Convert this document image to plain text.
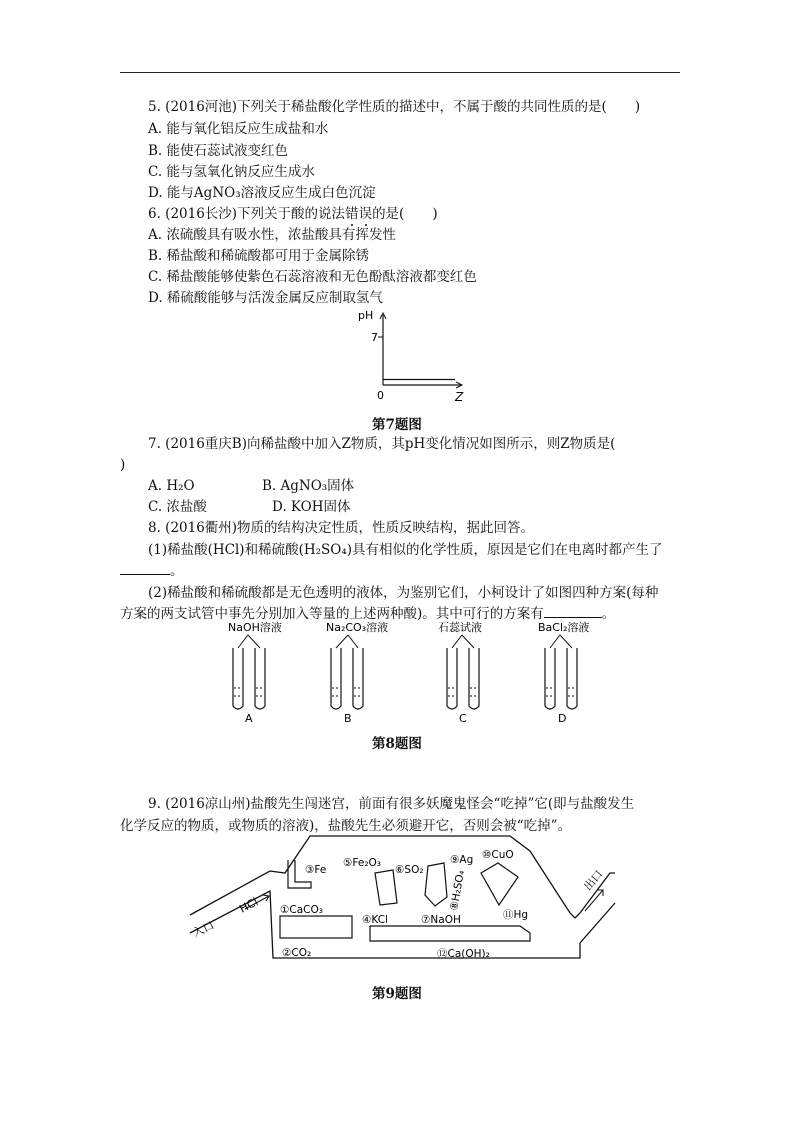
5. (2016河池)下列关于稀盐酸化学性质的描述中，不属于酸的共同性质的是( )
A. 能与氧化铝反应生成盐和水
B. 能使石蕊试液变红色
C. 能与氢氧化钠反应生成水
D. 能与AgNO₃溶液反应生成白色沉淀
6. (2016长沙)下列关于酸的说法错误的是( )
A. 浓硫酸具有吸水性，浓盐酸具有挥发性
B. 稀盐酸和稀硫酸都可用于金属除锈
C. 稀盐酸能够使紫色石蕊溶液和无色酚酞溶液都变红色
D. 稀硫酸能够与活泼金属反应制取氢气
pH
7
0	Z
第7题图
7. (2016重庆B)向稀盐酸中加入Z物质，其pH变化情况如图所示，则Z物质是(
)
A. H₂O	B. AgNO₃固体
C. 浓盐酸	D. KOH固体
8. (2016衢州)物质的结构决定性质，性质反映结构，据此回答。
(1)稀盐酸(HCl)和稀硫酸(H₂SO₄)具有相似的化学性质，原因是它们在电离时都产生了
。
(2)稀盐酸和稀硫酸都是无色透明的液体，为鉴别它们，小柯设计了如图四种方案(每种
方案的两支试管中事先分别加入等量的上述两种酸)。其中可行的方案有	。
NaOH溶液
A
Na₂CO₃溶液
B
石蕊试液
C
BaCl₂溶液
D
第8题图
9. (2016凉山州)盐酸先生闯迷宫，前面有很多妖魔鬼怪会“吃掉”它(即与盐酸发生
化学反应的物质，或物质的溶液)，盐酸先生必须避开它，否则会被“吃掉”。
入口
HCl
出口
①CaCO₃
②CO₂
③Fe
④KCl
⑤Fe₂O₃
⑥SO₂
⑦NaOH
⑧H₂SO₄
⑨Ag ⑩CuO
⑪Hg
⑫Ca(OH)₂
第9题图
